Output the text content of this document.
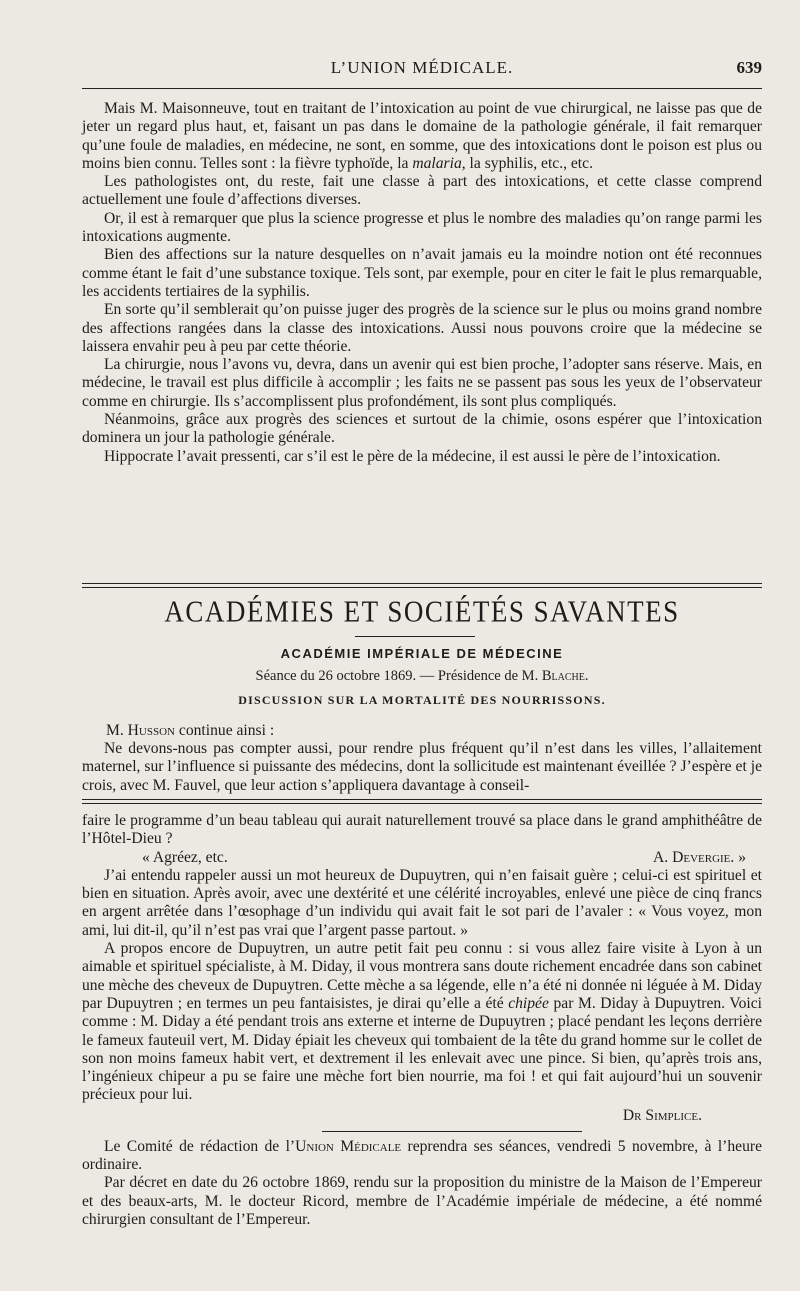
L’UNION MÉDICALE.	639

Mais M. Maisonneuve, tout en traitant de l’intoxication au point de vue chirurgical, ne laisse pas que de jeter un regard plus haut, et, faisant un pas dans le domaine de la pathologie générale, il fait remarquer qu’une foule de maladies, en médecine, ne sont, en somme, que des intoxications dont le poison est plus ou moins bien connu. Telles sont : la fièvre typhoïde, la malaria, la syphilis, etc., etc.

Les pathologistes ont, du reste, fait une classe à part des intoxications, et cette classe comprend actuellement une foule d’affections diverses.

Or, il est à remarquer que plus la science progresse et plus le nombre des maladies qu’on range parmi les intoxications augmente.

Bien des affections sur la nature desquelles on n’avait jamais eu la moindre notion ont été reconnues comme étant le fait d’une substance toxique. Tels sont, par exemple, pour en citer le fait le plus remarquable, les accidents tertiaires de la syphilis.

En sorte qu’il semblerait qu’on puisse juger des progrès de la science sur le plus ou moins grand nombre des affections rangées dans la classe des intoxications. Aussi nous pouvons croire que la médecine se laissera envahir peu à peu par cette théorie.

La chirurgie, nous l’avons vu, devra, dans un avenir qui est bien proche, l’adopter sans réserve. Mais, en médecine, le travail est plus difficile à accomplir ; les faits ne se passent pas sous les yeux de l’observateur comme en chirurgie. Ils s’accomplissent plus profondément, ils sont plus compliqués.

Néanmoins, grâce aux progrès des sciences et surtout de la chimie, osons espérer que l’intoxication dominera un jour la pathologie générale.

Hippocrate l’avait pressenti, car s’il est le père de la médecine, il est aussi le père de l’intoxication.

ACADÉMIES ET SOCIÉTÉS SAVANTES
ACADÉMIE IMPÉRIALE DE MÉDECINE
Séance du 26 octobre 1869. — Présidence de M. Blache.
DISCUSSION SUR LA MORTALITÉ DES NOURRISSONS.
M. Husson continue ainsi :

Ne devons-nous pas compter aussi, pour rendre plus fréquent qu’il n’est dans les villes, l’allaitement maternel, sur l’influence si puissante des médecins, dont la sollicitude est maintenant éveillée ? J’espère et je crois, avec M. Fauvel, que leur action s’appliquera davantage à conseil-

faire le programme d’un beau tableau qui aurait naturellement trouvé sa place dans le grand amphithéâtre de l’Hôtel-Dieu ?

« Agréez, etc.	A. Devergie. »

J’ai entendu rappeler aussi un mot heureux de Dupuytren, qui n’en faisait guère ; celui-ci est spirituel et bien en situation. Après avoir, avec une dextérité et une célérité incroyables, enlevé une pièce de cinq francs en argent arrêtée dans l’œsophage d’un individu qui avait fait le sot pari de l’avaler : « Vous voyez, mon ami, lui dit-il, qu’il n’est pas vrai que l’argent passe partout. »

A propos encore de Dupuytren, un autre petit fait peu connu : si vous allez faire visite à Lyon à un aimable et spirituel spécialiste, à M. Diday, il vous montrera sans doute richement encadrée dans son cabinet une mèche des cheveux de Dupuytren. Cette mèche a sa légende, elle n’a été ni donnée ni léguée à M. Diday par Dupuytren ; en termes un peu fantaisistes, je dirai qu’elle a été chipée par M. Diday à Dupuytren. Voici comme : M. Diday a été pendant trois ans externe et interne de Dupuytren ; placé pendant les leçons derrière le fameux fauteuil vert, M. Diday épiait les cheveux qui tombaient de la tête du grand homme sur le collet de son non moins fameux habit vert, et dextrement il les enlevait avec une pince. Si bien, qu’après trois ans, l’ingénieux chipeur a pu se faire une mèche fort bien nourrie, ma foi ! et qui fait aujourd’hui un souvenir précieux pour lui.

Dr Simplice.

Le Comité de rédaction de l’Union Médicale reprendra ses séances, vendredi 5 novembre, à l’heure ordinaire.

Par décret en date du 26 octobre 1869, rendu sur la proposition du ministre de la Maison de l’Empereur et des beaux-arts, M. le docteur Ricord, membre de l’Académie impériale de médecine, a été nommé chirurgien consultant de l’Empereur.
